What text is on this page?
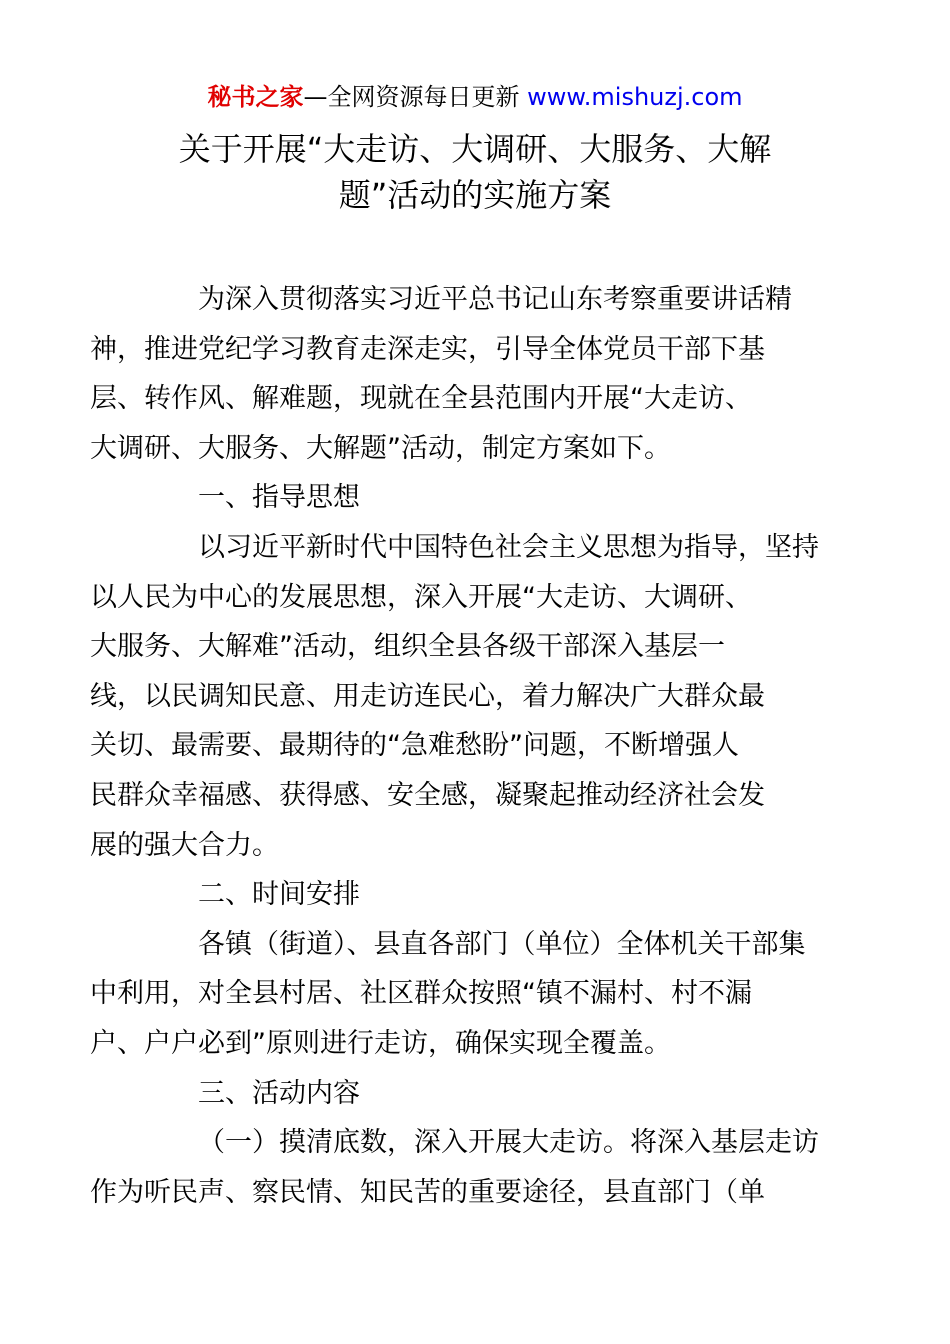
秘书之家—全网资源每日更新 www.mishuzj.com
关于开展“大走访、大调研、大服务、大解
题”活动的实施方案

为深入贯彻落实习近平总书记山东考察重要讲话精
神，推进党纪学习教育走深走实，引导全体党员干部下基
层、转作风、解难题，现就在全县范围内开展“大走访、
大调研、大服务、大解题”活动，制定方案如下。

一、指导思想

以习近平新时代中国特色社会主义思想为指导，坚持
以人民为中心的发展思想，深入开展“大走访、大调研、
大服务、大解难”活动，组织全县各级干部深入基层一
线，以民调知民意、用走访连民心，着力解决广大群众最
关切、最需要、最期待的“急难愁盼”问题，不断增强人
民群众幸福感、获得感、安全感，凝聚起推动经济社会发
展的强大合力。

二、时间安排

各镇（街道）、县直各部门（单位）全体机关干部集
中利用，对全县村居、社区群众按照“镇不漏村、村不漏
户、户户必到”原则进行走访，确保实现全覆盖。

三、活动内容

（一）摸清底数，深入开展大走访。将深入基层走访
作为听民声、察民情、知民苦的重要途径，县直部门（单
